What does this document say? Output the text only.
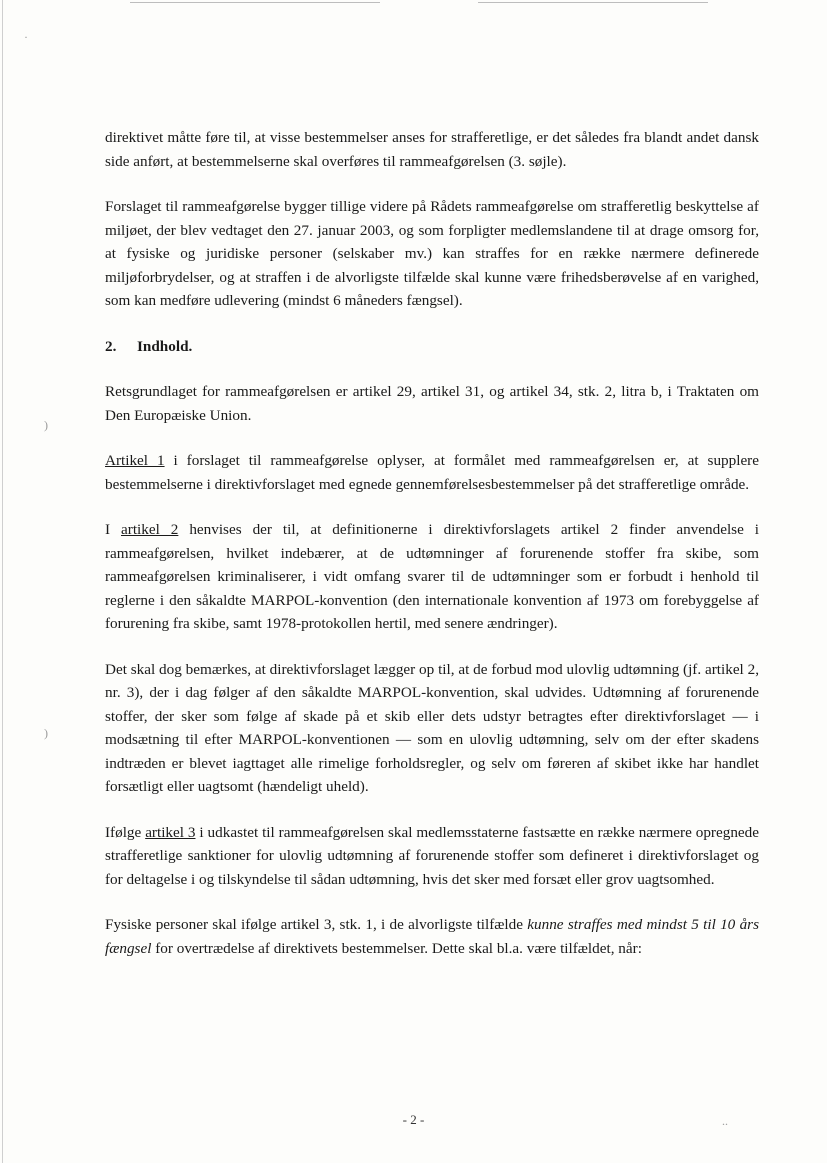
·
)
)

direktivet måtte føre til, at visse bestemmelser anses for strafferetlige, er det således fra blandt andet dansk side anført, at bestemmelserne skal overføres til rammeafgørelsen (3. søjle).

Forslaget til rammeafgørelse bygger tillige videre på Rådets rammeafgørelse om strafferetlig beskyttelse af miljøet, der blev vedtaget den 27. januar 2003, og som forpligter medlemslandene til at drage omsorg for, at fysiske og juridiske personer (selskaber mv.) kan straffes for en række nærmere definerede miljøforbrydelser, og at straffen i de alvorligste tilfælde skal kunne være frihedsberøvelse af en varighed, som kan medføre udlevering (mindst 6 måneders fængsel).

2. Indhold.

Retsgrundlaget for rammeafgørelsen er artikel 29, artikel 31, og artikel 34, stk. 2, litra b, i Traktaten om Den Europæiske Union.

Artikel 1 i forslaget til rammeafgørelse oplyser, at formålet med rammeafgørelsen er, at supplere bestemmelserne i direktivforslaget med egnede gennemførelsesbestemmelser på det strafferetlige område.

I artikel 2 henvises der til, at definitionerne i direktivforslagets artikel 2 finder anvendelse i rammeafgørelsen, hvilket indebærer, at de udtømninger af forurenende stoffer fra skibe, som rammeafgørelsen kriminaliserer, i vidt omfang svarer til de udtømninger som er forbudt i henhold til reglerne i den såkaldte MARPOL-konvention (den internationale konvention af 1973 om forebyggelse af forurening fra skibe, samt 1978-protokollen hertil, med senere ændringer).

Det skal dog bemærkes, at direktivforslaget lægger op til, at de forbud mod ulovlig udtømning (jf. artikel 2, nr. 3), der i dag følger af den såkaldte MARPOL-konvention, skal udvides. Udtømning af forurenende stoffer, der sker som følge af skade på et skib eller dets udstyr betragtes efter direktivforslaget — i modsætning til efter MARPOL-konventionen — som en ulovlig udtømning, selv om der efter skadens indtræden er blevet iagttaget alle rimelige forholdsregler, og selv om føreren af skibet ikke har handlet forsætligt eller uagtsomt (hændeligt uheld).

Ifølge artikel 3 i udkastet til rammeafgørelsen skal medlemsstaterne fastsætte en række nærmere opregnede strafferetlige sanktioner for ulovlig udtømning af forurenende stoffer som defineret i direktivforslaget og for deltagelse i og tilskyndelse til sådan udtømning, hvis det sker med forsæt eller grov uagtsomhed.

Fysiske personer skal ifølge artikel 3, stk. 1, i de alvorligste tilfælde kunne straffes med mindst 5 til 10 års fængsel for overtrædelse af direktivets bestemmelser. Dette skal bl.a. være tilfældet, når:

- 2 -	..
